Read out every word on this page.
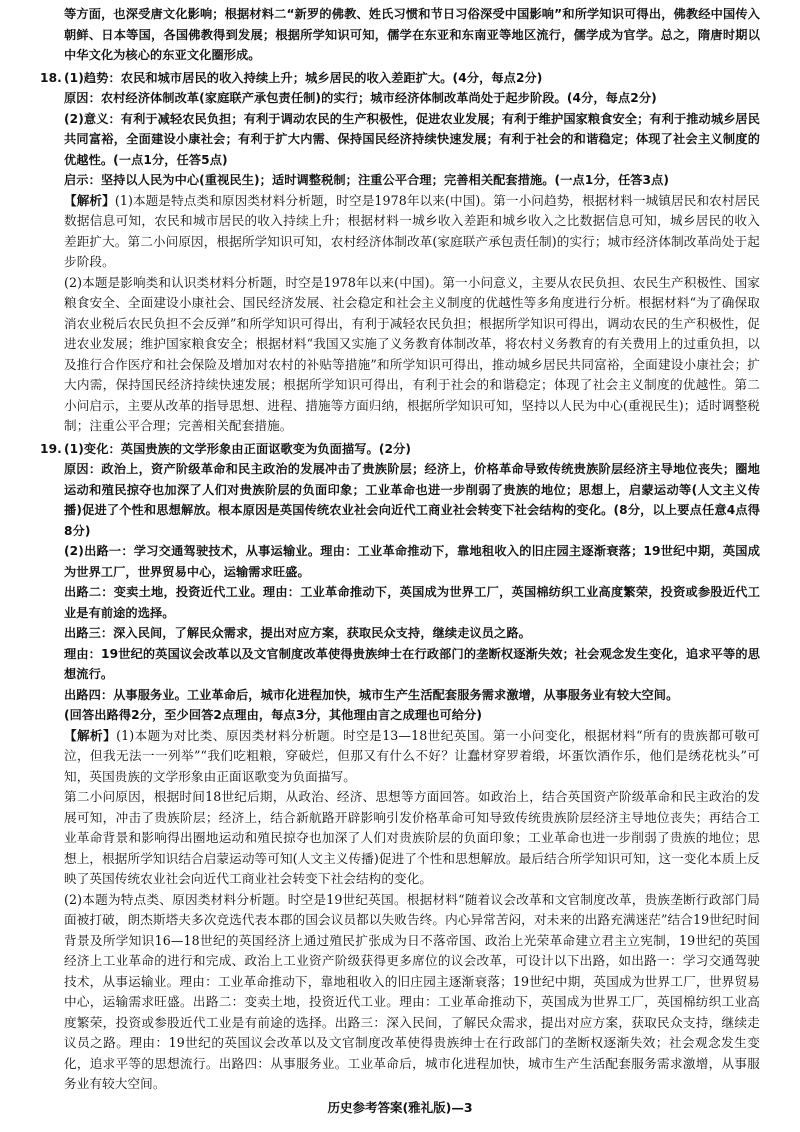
等方面，也深受唐文化影响；根据材料二“新罗的佛教、姓氏习惯和节日习俗深受中国影响”和所学知识可得出，佛教经中国传入朝鲜、日本等国，各国佛教得到发展；根据所学知识可知，儒学在东亚和东南亚等地区流行，儒学成为官学。总之，隋唐时期以中华文化为核心的东亚文化圈形成。

18. (1)趋势：农民和城市居民的收入持续上升；城乡居民的收入差距扩大。(4分，每点2分)

原因：农村经济体制改革(家庭联产承包责任制)的实行；城市经济体制改革尚处于起步阶段。(4分，每点2分)

(2)意义：有利于减轻农民负担；有利于调动农民的生产积极性，促进农业发展；有利于维护国家粮食安全；有利于推动城乡居民共同富裕，全面建设小康社会；有利于扩大内需、保持国民经济持续快速发展；有利于社会的和谐稳定；体现了社会主义制度的优越性。(一点1分，任答5点)

启示：坚持以人民为中心(重视民生)；适时调整税制；注重公平合理；完善相关配套措施。(一点1分，任答3点)

【解析】(1)本题是特点类和原因类材料分析题，时空是1978年以来(中国)。第一小问趋势，根据材料一城镇居民和农村居民数据信息可知，农民和城市居民的收入持续上升；根据材料一城乡收入差距和城乡收入之比数据信息可知，城乡居民的收入差距扩大。第二小问原因，根据所学知识可知，农村经济体制改革(家庭联产承包责任制)的实行；城市经济体制改革尚处于起步阶段。

(2)本题是影响类和认识类材料分析题，时空是1978年以来(中国)。第一小问意义，主要从农民负担、农民生产积极性、国家粮食安全、全面建设小康社会、国民经济发展、社会稳定和社会主义制度的优越性等多角度进行分析。根据材料“为了确保取消农业税后农民负担不会反弹”和所学知识可得出，有利于减轻农民负担；根据所学知识可得出，调动农民的生产积极性，促进农业发展；维护国家粮食安全；根据材料“我国又实施了义务教育体制改革，将农村义务教育的有关费用上的过重负担，以及推行合作医疗和社会保险及增加对农村的补贴等措施”和所学知识可得出，推动城乡居民共同富裕，全面建设小康社会；扩大内需，保持国民经济持续快速发展；根据所学知识可得出，有利于社会的和谐稳定；体现了社会主义制度的优越性。第二小问启示，主要从改革的指导思想、进程、措施等方面归纳，根据所学知识可知，坚持以人民为中心(重视民生)；适时调整税制；注重公平合理；完善相关配套措施。

19. (1)变化：英国贵族的文学形象由正面讴歌变为负面描写。(2分)

原因：政治上，资产阶级革命和民主政治的发展冲击了贵族阶层；经济上，价格革命导致传统贵族阶层经济主导地位丧失；圈地运动和殖民掠夺也加深了人们对贵族阶层的负面印象；工业革命也进一步削弱了贵族的地位；思想上，启蒙运动等(人文主义传播)促进了个性和思想解放。根本原因是英国传统农业社会向近代工商业社会转变下社会结构的变化。(8分，以上要点任意4点得8分)

(2)出路一：学习交通驾驶技术，从事运输业。理由：工业革命推动下，靠地租收入的旧庄园主逐渐衰落；19世纪中期，英国成为世界工厂，世界贸易中心，运输需求旺盛。

出路二：变卖土地，投资近代工业。理由：工业革命推动下，英国成为世界工厂，英国棉纺织工业高度繁荣，投资或参股近代工业是有前途的选择。

出路三：深入民间，了解民众需求，提出对应方案，获取民众支持，继续走议员之路。

理由：19世纪的英国议会改革以及文官制度改革使得贵族绅士在行政部门的垄断权逐渐失效；社会观念发生变化，追求平等的思想流行。

出路四：从事服务业。工业革命后，城市化进程加快，城市生产生活配套服务需求激增，从事服务业有较大空间。

(回答出路得2分，至少回答2点理由，每点3分，其他理由言之成理也可给分)

【解析】(1)本题为对比类、原因类材料分析题。时空是13—18世纪英国。第一小问变化，根据材料“所有的贵族都可敬可泣，但我无法一一列举”“我们吃粗粮，穿破烂，但那又有什么不好？让蠢材穿罗着缎，坏蛋饮酒作乐，他们是绣花枕头”可知，英国贵族的文学形象由正面讴歌变为负面描写。

第二小问原因，根据时间18世纪后期，从政治、经济、思想等方面回答。如政治上，结合英国资产阶级革命和民主政治的发展可知，冲击了贵族阶层；经济上，结合新航路开辟影响引发价格革命可知导致传统贵族阶层经济主导地位丧失；再结合工业革命背景和影响得出圈地运动和殖民掠夺也加深了人们对贵族阶层的负面印象；工业革命也进一步削弱了贵族的地位；思想上，根据所学知识结合启蒙运动等可知(人文主义传播)促进了个性和思想解放。最后结合所学知识可知，这一变化本质上反映了英国传统农业社会向近代工商业社会转变下社会结构的变化。

(2)本题为特点类、原因类材料分析题。时空是19世纪英国。根据材料“随着议会改革和文官制度改革，贵族垄断行政部门局面被打破，朗杰斯塔夫多次竞选代表本郡的国会议员都以失败告终。内心异常苦闷，对未来的出路充满迷茫”结合19世纪时间背景及所学知识16—18世纪的英国经济上通过殖民扩张成为日不落帝国、政治上光荣革命建立君主立宪制，19世纪的英国经济上工业革命的进行和完成、政治上工业资产阶级获得更多席位的议会改革，可设计以下出路，如出路一：学习交通驾驶技术，从事运输业。理由：工业革命推动下，靠地租收入的旧庄园主逐渐衰落；19世纪中期，英国成为世界工厂，世界贸易中心，运输需求旺盛。出路二：变卖土地，投资近代工业。理由：工业革命推动下，英国成为世界工厂，英国棉纺织工业高度繁荣，投资或参股近代工业是有前途的选择。出路三：深入民间，了解民众需求，提出对应方案，获取民众支持，继续走议员之路。理由：19世纪的英国议会改革以及文官制度改革使得贵族绅士在行政部门的垄断权逐渐失效；社会观念发生变化，追求平等的思想流行。出路四：从事服务业。工业革命后，城市化进程加快，城市生产生活配套服务需求激增，从事服务业有较大空间。

历史参考答案(雅礼版)—3
